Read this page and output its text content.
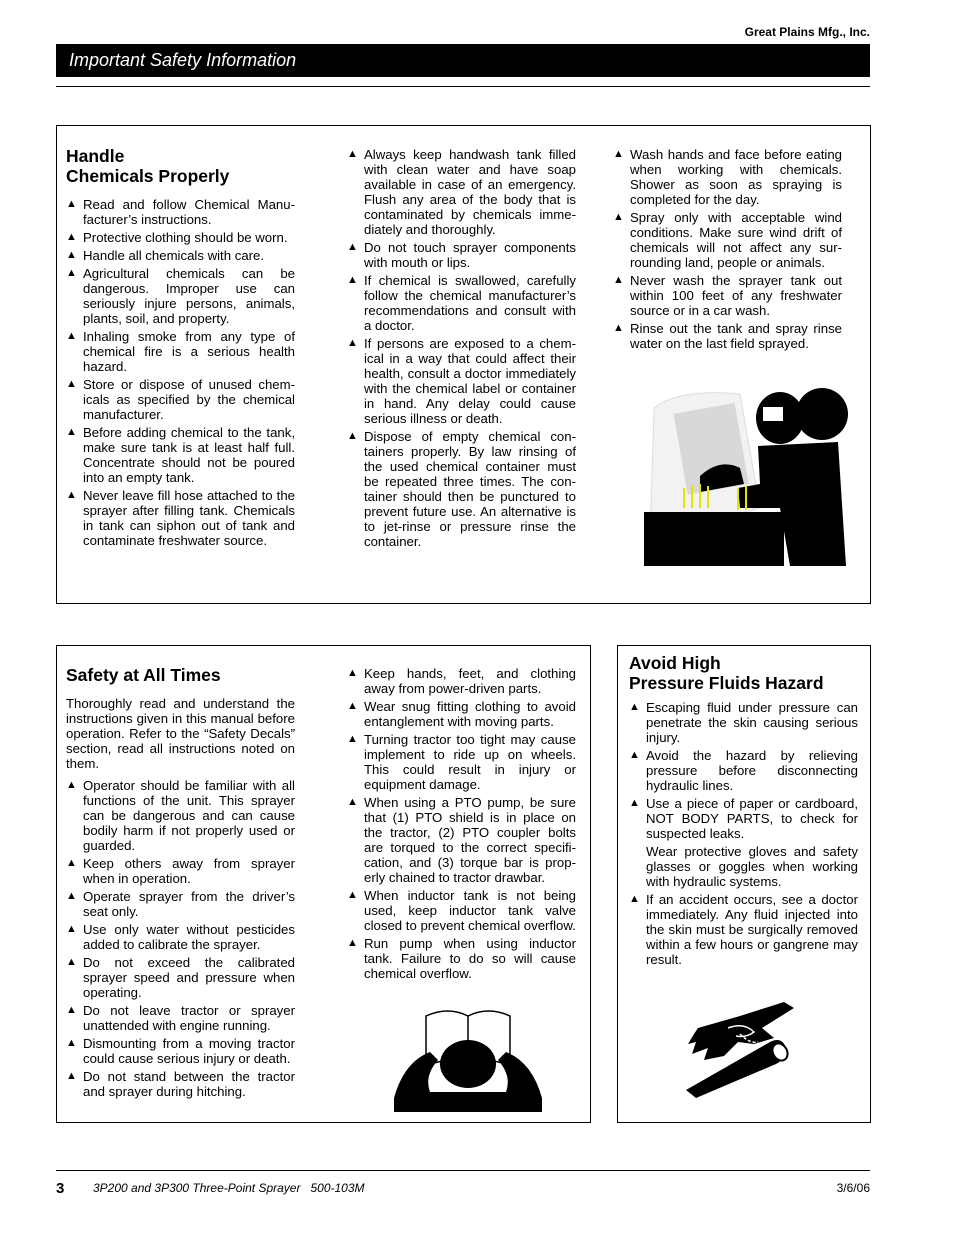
Great Plains Mfg., Inc.
Important Safety Information
Handle
Chemicals Properly
▲ Read and follow Chemical Manufacturer’s instructions.
▲ Protective clothing should be worn.
▲ Handle all chemicals with care.
▲ Agricultural chemicals can be dangerous. Improper use can seriously injure persons, animals, plants, soil, and property.
▲ Inhaling smoke from any type of chemical fire is a serious health hazard.
▲ Store or dispose of unused chemicals as specified by the chemical manufacturer.
▲ Before adding chemical to the tank, make sure tank is at least half full. Concentrate should not be poured into an empty tank.
▲ Never leave fill hose attached to the sprayer after filling tank. Chemicals in tank can siphon out of tank and contaminate freshwater source.
▲ Always keep handwash tank filled with clean water and have soap available in case of an emergency. Flush any area of the body that is contaminated by chemicals immediately and thoroughly.
▲ Do not touch sprayer components with mouth or lips.
▲ If chemical is swallowed, carefully follow the chemical manufacturer’s recommendations and consult with a doctor.
▲ If persons are exposed to a chemical in a way that could affect their health, consult a doctor immediately with the chemical label or container in hand. Any delay could cause serious illness or death.
▲ Dispose of empty chemical containers properly. By law rinsing of the used chemical container must be repeated three times. The container should then be punctured to prevent future use. An alternative is to jet-rinse or pressure rinse the container.
▲ Wash hands and face before eating when working with chemicals. Shower as soon as spraying is completed for the day.
▲ Spray only with acceptable wind conditions. Make sure wind drift of chemicals will not affect any surrounding land, people or animals.
▲ Never wash the sprayer tank out within 100 feet of any freshwater source or in a car wash.
▲ Rinse out the tank and spray rinse water on the last field sprayed.
Safety at All Times

Thoroughly read and understand the instructions given in this manual before operation. Refer to the “Safety Decals” section, read all instructions noted on them.

▲ Operator should be familiar with all functions of the unit. This sprayer can be dangerous and can cause bodily harm if not properly used or guarded.
▲ Keep others away from sprayer when in operation.
▲ Operate sprayer from the driver’s seat only.
▲ Use only water without pesticides added to calibrate the sprayer.
▲ Do not exceed the calibrated sprayer speed and pressure when operating.
▲ Do not leave tractor or sprayer unattended with engine running.
▲ Dismounting from a moving tractor could cause serious injury or death.
▲ Do not stand between the tractor and sprayer during hitching.
▲ Keep hands, feet, and clothing away from power-driven parts.
▲ Wear snug fitting clothing to avoid entanglement with moving parts.
▲ Turning tractor too tight may cause implement to ride up on wheels. This could result in injury or equipment damage.
▲ When using a PTO pump, be sure that (1) PTO shield is in place on the tractor, (2) PTO coupler bolts are torqued to the correct specification, and (3) torque bar is properly chained to tractor drawbar.
▲ When inductor tank is not being used, keep inductor tank valve closed to prevent chemical overflow.
▲ Run pump when using inductor tank. Failure to do so will cause chemical overflow.
Avoid High
Pressure Fluids Hazard
▲ Escaping fluid under pressure can penetrate the skin causing serious injury.
▲ Avoid the hazard by relieving pressure before disconnecting hydraulic lines.
▲ Use a piece of paper or cardboard, NOT BODY PARTS, to check for suspected leaks.
Wear protective gloves and safety glasses or goggles when working with hydraulic systems.
▲ If an accident occurs, see a doctor immediately. Any fluid injected into the skin must be surgically removed within a few hours or gangrene may result.
3 3P200 and 3P300 Three-Point Sprayer   500-103M	3/6/06
